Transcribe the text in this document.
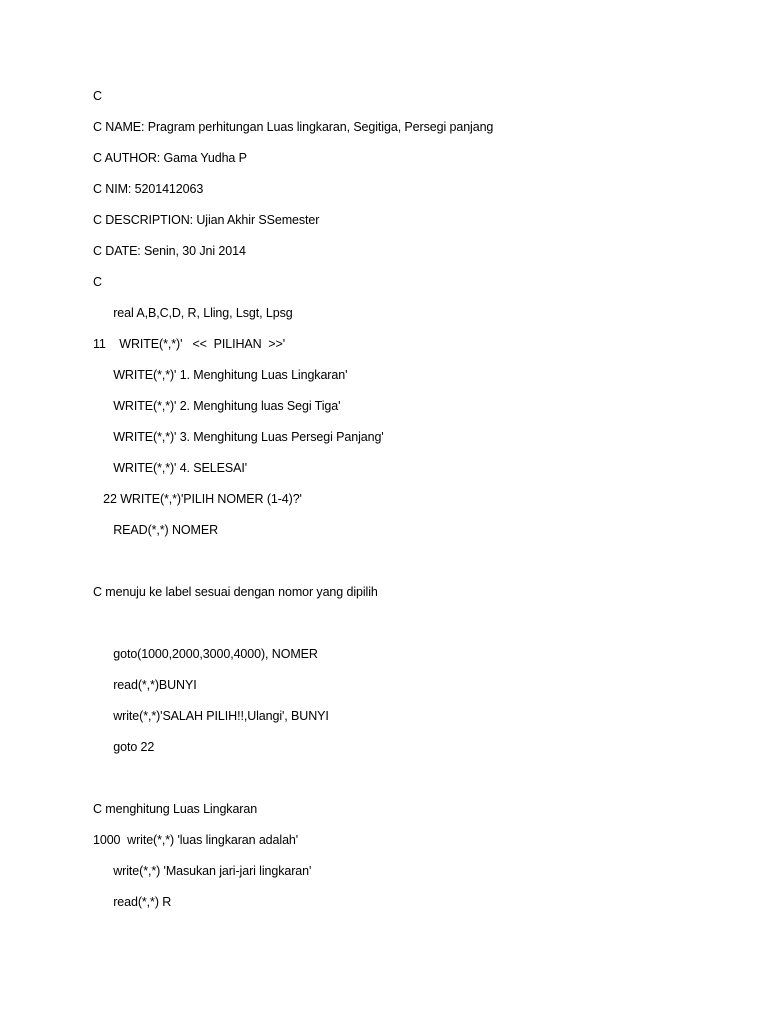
C
C NAME: Pragram perhitungan Luas lingkaran, Segitiga, Persegi panjang
C AUTHOR: Gama Yudha P
C NIM: 5201412063
C DESCRIPTION: Ujian Akhir SSemester
C DATE: Senin, 30 Jni 2014
C
real A,B,C,D, R, Lling, Lsgt, Lpsg
11    WRITE(*,*)'   <<  PILIHAN  >>'
WRITE(*,*)' 1. Menghitung Luas Lingkaran'
WRITE(*,*)' 2. Menghitung luas Segi Tiga'
WRITE(*,*)' 3. Menghitung Luas Persegi Panjang'
WRITE(*,*)' 4. SELESAI'
22 WRITE(*,*)'PILIH NOMER (1-4)?'
READ(*,*) NOMER
C menuju ke label sesuai dengan nomor yang dipilih
goto(1000,2000,3000,4000), NOMER
read(*,*)BUNYI
write(*,*)'SALAH PILIH!!,Ulangi', BUNYI
goto 22
C menghitung Luas Lingkaran
1000  write(*,*) 'luas lingkaran adalah'
write(*,*) 'Masukan jari-jari lingkaran'
read(*,*) R
